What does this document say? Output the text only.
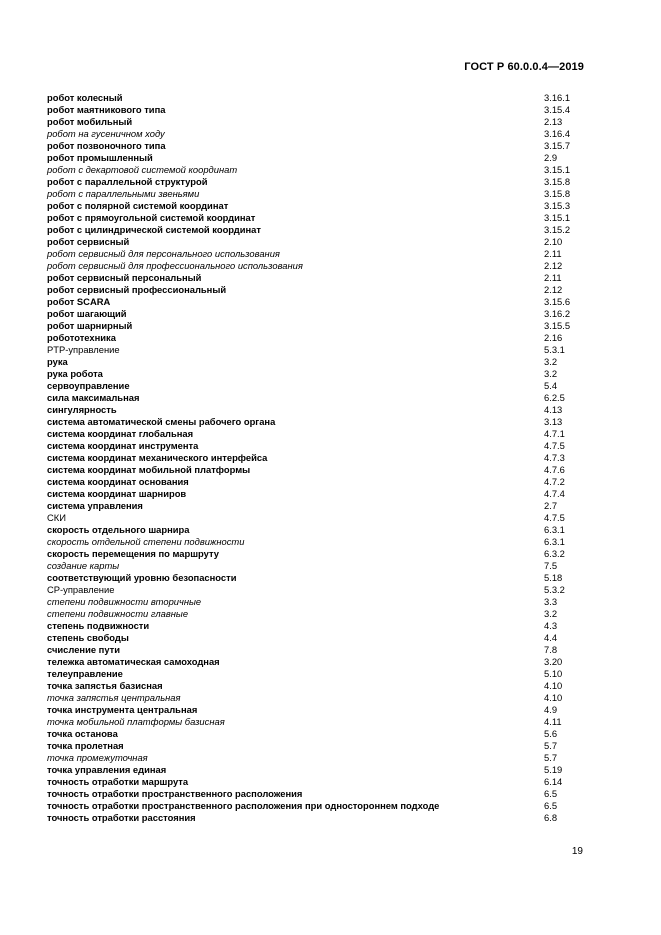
ГОСТ Р 60.0.0.4—2019
робот колесный	3.16.1
робот маятникового типа	3.15.4
робот мобильный	2.13
робот на гусеничном ходу	3.16.4
робот позвоночного типа	3.15.7
робот промышленный	2.9
робот с декартовой системой координат	3.15.1
робот с параллельной структурой	3.15.8
робот с параллельными звеньями	3.15.8
робот с полярной системой координат	3.15.3
робот с прямоугольной системой координат	3.15.1
робот с цилиндрической системой координат	3.15.2
робот сервисный	2.10
робот сервисный для персонального использования	2.11
робот сервисный для профессионального использования	2.12
робот сервисный персональный	2.11
робот сервисный профессиональный	2.12
робот SCARA	3.15.6
робот шагающий	3.16.2
робот шарнирный	3.15.5
робототехника	2.16
PTP-управление	5.3.1
рука	3.2
рука робота	3.2
сервоуправление	5.4
сила максимальная	6.2.5
сингулярность	4.13
система автоматической смены рабочего органа	3.13
система координат глобальная	4.7.1
система координат инструмента	4.7.5
система координат механического интерфейса	4.7.3
система координат мобильной платформы	4.7.6
система координат основания	4.7.2
система координат шарниров	4.7.4
система управления	2.7
СКИ	4.7.5
скорость отдельного шарнира	6.3.1
скорость отдельной степени подвижности	6.3.1
скорость перемещения по маршруту	6.3.2
создание карты	7.5
соответствующий уровню безопасности	5.18
CP-управление	5.3.2
степени подвижности вторичные	3.3
степени подвижности главные	3.2
степень подвижности	4.3
степень свободы	4.4
счисление пути	7.8
тележка автоматическая самоходная	3.20
телеуправление	5.10
точка запястья базисная	4.10
точка запястья центральная	4.10
точка инструмента центральная	4.9
точка мобильной платформы базисная	4.11
точка останова	5.6
точка пролетная	5.7
точка промежуточная	5.7
точка управления единая	5.19
точность отработки маршрута	6.14
точность отработки пространственного расположения	6.5
точность отработки пространственного расположения при одностороннем подходе	6.5
точность отработки расстояния	6.8
19
